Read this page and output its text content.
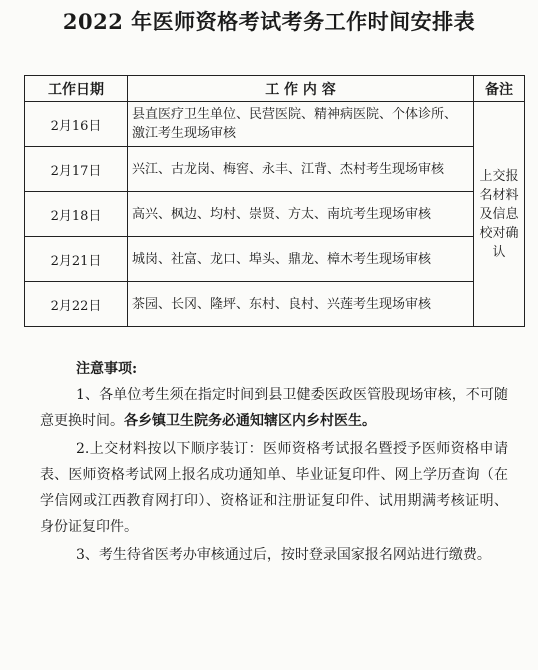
2022 年医师资格考试考务工作时间安排表
工作日期	工 作 内 容	备注
2月16日	县直医疗卫生单位、民营医院、精神病医院、个体诊所、激江考生现场审核	上交报名材料及信息校对确认
2月17日	兴江、古龙岗、梅窖、永丰、江背、杰村考生现场审核	
2月18日	高兴、枫边、均村、崇贤、方太、南坑考生现场审核	
2月21日	城岗、社富、龙口、埠头、鼎龙、樟木考生现场审核	
2月22日	茶园、长冈、隆坪、东村、良村、兴莲考生现场审核	
注意事项:

1、各单位考生须在指定时间到县卫健委医政医管股现场审核，不可随意更换时间。各乡镇卫生院务必通知辖区内乡村医生。

2.上交材料按以下顺序装订：医师资格考试报名暨授予医师资格申请表、医师资格考试网上报名成功通知单、毕业证复印件、网上学历查询（在学信网或江西教育网打印）、资格证和注册证复印件、试用期满考核证明、身份证复印件。

3、考生待省医考办审核通过后，按时登录国家报名网站进行缴费。
